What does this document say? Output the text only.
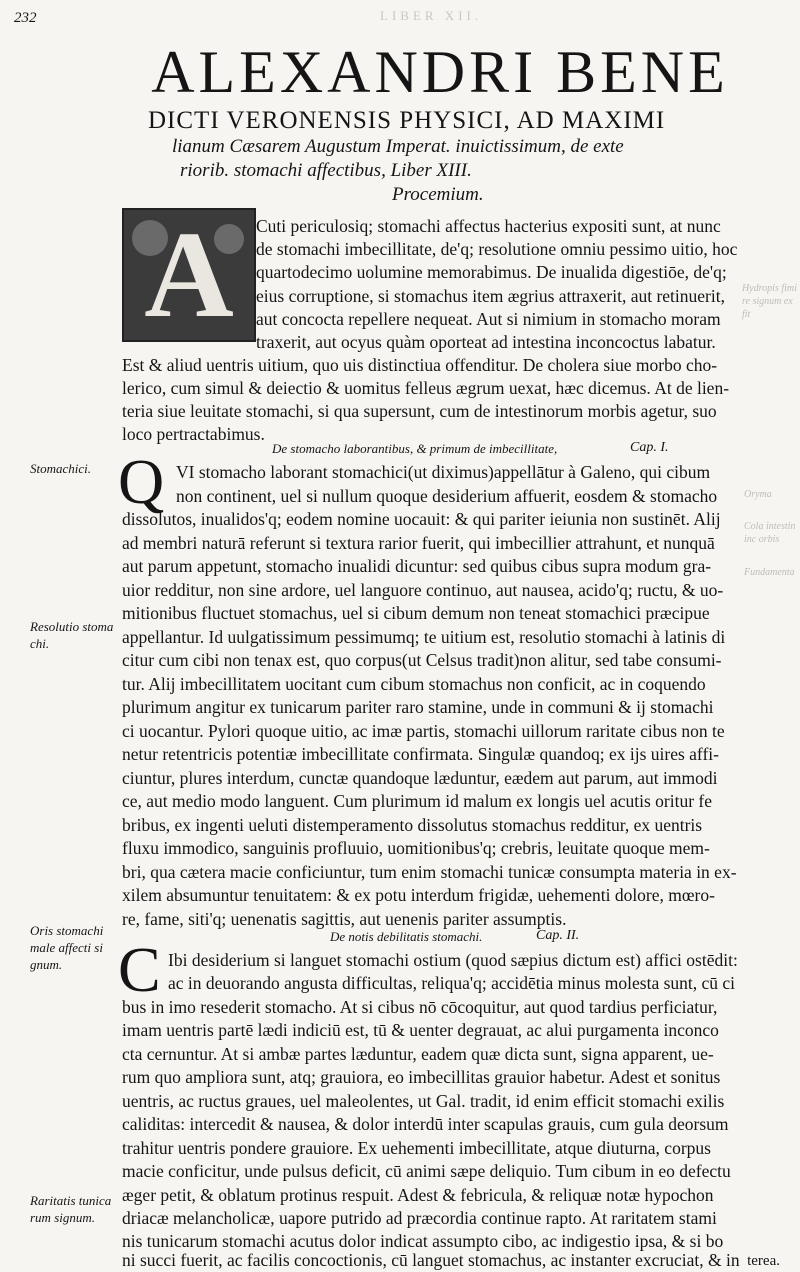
232	LIBER XII.
ALEXANDRI BENE
DICTI VERONENSIS PHYSICI, AD MAXIMI
lianum Cæsarem Augustum Imperat. inuictissimum, de exte
riorib. stomachi affectibus, Liber XIII.
Procemium.
A	Cuti periculosiq; stomachi affectus hacterius expositi sunt, at nunc
de stomachi imbecillitate, de'q; resolutione omniu pessimo uitio, hoc
quartodecimo uolumine memorabimus. De inualida digestiōe, de'q;
eius corruptione, si stomachus item ægrius attraxerit, aut retinuerit,
aut concocta repellere nequeat. Aut si nimium in stomacho moram
traxerit, aut ocyus quàm oporteat ad intestina inconcoctus labatur.
Est & aliud uentris uitium, quo uis distinctiua offenditur. De cholera siue morbo cho-
lerico, cum simul & deiectio & uomitus felleus ægrum uexat, hæc dicemus. At de lien-
teria siue leuitate stomachi, si qua supersunt, cum de intestinorum morbis agetur, suo
loco pertractabimus.
De stomacho laborantibus, & primum de imbecillitate,	Cap. I.
Q VI stomacho laborant stomachici(ut diximus)appellātur à Galeno, qui cibum
non continent, uel si nullum quoque desiderium affuerit, eosdem & stomacho
dissolutos, inualidos'q; eodem nomine uocauit: & qui pariter ieiunia non sustinēt. Alij
ad membri naturā referunt si textura rarior fuerit, qui imbecillier attrahunt, et nunquā
aut parum appetunt, stomacho inualidi dicuntur: sed quibus cibus supra modum gra-
uior redditur, non sine ardore, uel languore continuo, aut nausea, acido'q; ructu, & uo-
mitionibus fluctuet stomachus, uel si cibum demum non teneat stomachici præcipue
appellantur. Id uulgatissimum pessimumq; te uitium est, resolutio stomachi à latinis di
citur cum cibi non tenax est, quo corpus(ut Celsus tradit)non alitur, sed tabe consumi-
tur. Alij imbecillitatem uocitant cum cibum stomachus non conficit, ac in coquendo
plurimum angitur ex tunicarum pariter raro stamine, unde in communi & ij stomachi
ci uocantur. Pylori quoque uitio, ac imæ partis, stomachi uillorum raritate cibus non te
netur retentricis potentiæ imbecillitate confirmata. Singulæ quandoq; ex ijs uires affi-
ciuntur, plures interdum, cunctæ quandoque læduntur, eædem aut parum, aut immodi
ce, aut medio modo languent. Cum plurimum id malum ex longis uel acutis oritur fe
bribus, ex ingenti ueluti distemperamento dissolutus stomachus redditur, ex uentris
fluxu immodico, sanguinis profluuio, uomitionibus'q; crebris, leuitate quoque mem-
bri, qua cætera macie conficiuntur, tum enim stomachi tunicæ consumpta materia in ex-
xilem absumuntur tenuitatem: & ex potu interdum frigidæ, uehementi dolore, mœro-
re, fame, siti'q; uenenatis sagittis, aut uenenis pariter assumptis.
De notis debilitatis stomachi.	Cap. II.
C Ibi desiderium si languet stomachi ostium (quod sæpius dictum est) affici ostēdit:
ac in deuorando angusta difficultas, reliqua'q; accidētia minus molesta sunt, cū ci
bus in imo resederit stomacho. At si cibus nō cōcoquitur, aut quod tardius perficiatur,
imam uentris partē lædi indiciū est, tū & uenter degrauat, ac alui purgamenta inconco
cta cernuntur. At si ambæ partes læduntur, eadem quæ dicta sunt, signa apparent, ue-
rum quo ampliora sunt, atq; grauiora, eo imbecillitas grauior habetur. Adest et sonitus
uentris, ac ructus graues, uel maleolentes, ut Gal. tradit, id enim efficit stomachi exilis
caliditas: intercedit & nausea, & dolor interdū inter scapulas grauis, cum gula deorsum
trahitur uentris pondere grauiore. Ex uehementi imbecillitate, atque diuturna, corpus
macie conficitur, unde pulsus deficit, cū animi sæpe deliquio. Tum cibum in eo defectu
æger petit, & oblatum protinus respuit. Adest & febricula, & reliquæ notæ hypochon
driacæ melancholicæ, uapore putrido ad præcordia continue rapto. At raritatem stami
nis tunicarum stomachi acutus dolor indicat assumpto cibo, ac indigestio ipsa, & si bo
ni succi fuerit, ac facilis concoctionis, cū languet stomachus, ac instanter excruciat, & in terea.
Stomachici.
Resolutio stoma chi.
Oris stomachi male affecti si gnum.
Raritatis tunica rum signum.
Hydropis fimi re signum ex fit
Oryma
Cola intestin inc orbis
Fundamenta
